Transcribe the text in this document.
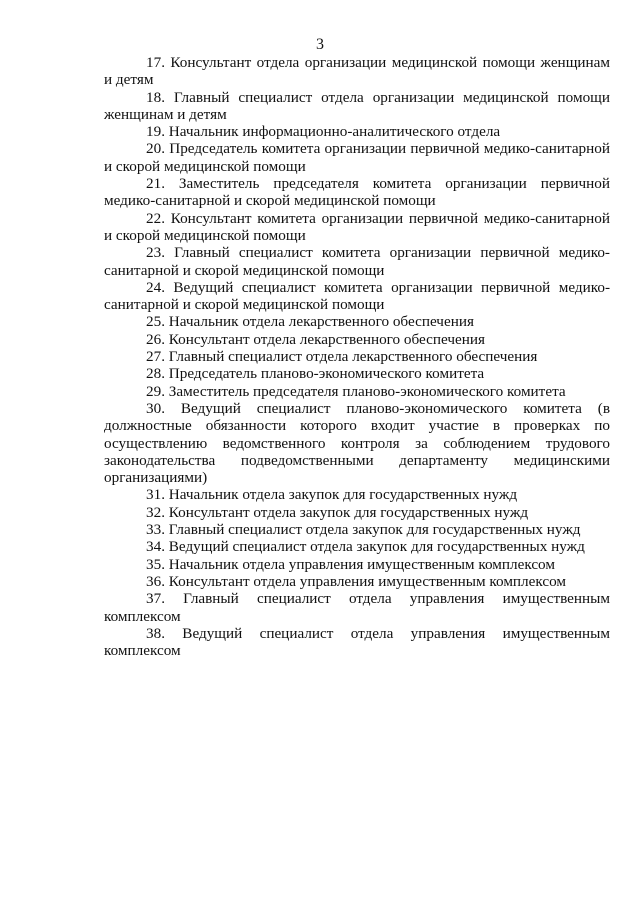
3
17. Консультант отдела организации медицинской помощи женщинам и детям
18. Главный специалист отдела организации медицинской помощи женщинам и детям
19. Начальник информационно-аналитического отдела
20. Председатель комитета организации первичной медико-санитарной и скорой медицинской помощи
21. Заместитель председателя комитета организации первичной медико-санитарной и скорой медицинской помощи
22. Консультант комитета организации первичной медико-санитарной и скорой медицинской помощи
23. Главный специалист комитета организации первичной медико-санитарной и скорой медицинской помощи
24. Ведущий специалист комитета организации первичной медико-санитарной и скорой медицинской помощи
25. Начальник отдела лекарственного обеспечения
26. Консультант отдела лекарственного обеспечения
27. Главный специалист отдела лекарственного обеспечения
28. Председатель планово-экономического комитета
29. Заместитель председателя планово-экономического комитета
30. Ведущий специалист планово-экономического комитета (в должностные обязанности которого входит участие в проверках по осуществлению ведомственного контроля за соблюдением трудового законодательства подведомственными департаменту медицинскими организациями)
31. Начальник отдела закупок для государственных нужд
32. Консультант отдела закупок для государственных нужд
33. Главный специалист отдела закупок для государственных нужд
34. Ведущий специалист отдела закупок для государственных нужд
35. Начальник отдела управления имущественным комплексом
36. Консультант отдела управления имущественным комплексом
37. Главный специалист отдела управления имущественным комплексом
38. Ведущий специалист отдела управления имущественным комплексом
